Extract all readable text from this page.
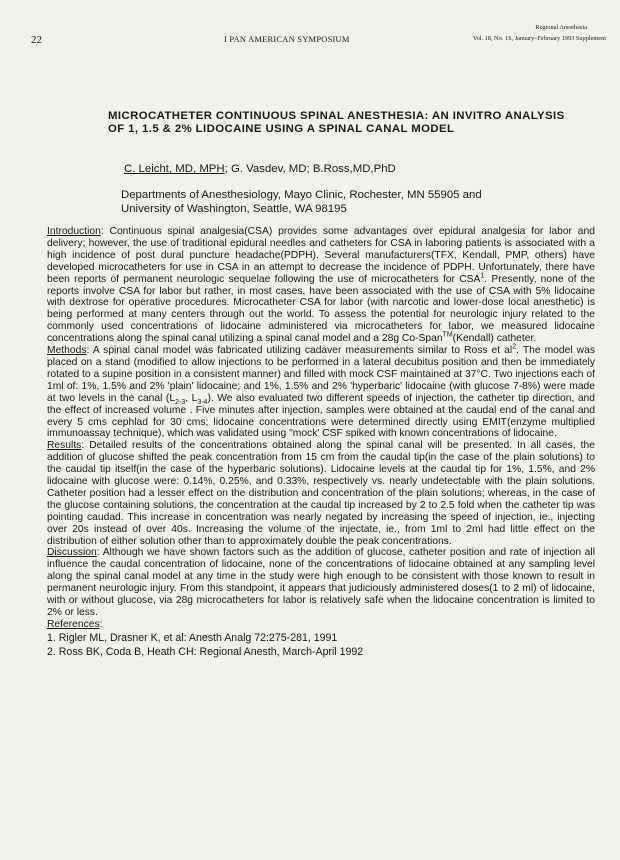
22	I PAN AMERICAN SYMPOSIUM
Regional Anesthesia
Vol. 18, No. 1S, January–February 1993 Supplement
MICROCATHETER CONTINUOUS SPINAL ANESTHESIA: AN INVITRO ANALYSIS OF 1, 1.5 & 2% LIDOCAINE USING A SPINAL CANAL MODEL
C. Leicht, MD, MPH; G. Vasdev, MD; B.Ross,MD,PhD
Departments of Anesthesiology, Mayo Clinic, Rochester, MN 55905 and
University of Washington, Seattle, WA 98195

Introduction: Continuous spinal analgesia(CSA) provides some advantages over epidural analgesia for labor and delivery; however, the use of traditional epidural needles and catheters for CSA in laboring patients is associated with a high incidence of post dural puncture headache(PDPH). Several manufacturers(TFX, Kendall, PMP, others) have developed microcatheters for use in CSA in an attempt to decrease the incidence of PDPH. Unfortunately, there have been reports of permanent neurologic sequelae following the use of microcatheters for CSA$^1$. Presently, none of the reports involve CSA for labor but rather, in most cases, have been associated with the use of CSA with 5% lidocaine with dextrose for operative procedures. Microcatheter CSA for labor (with narcotic and lower-dose local anesthetic) is being performed at many centers through out the world. To assess the potential for neurologic injury related to the commonly used concentrations of lidocaine administered via microcatheters for labor, we measured lidocaine concentrations along the spinal canal utilizing a spinal canal model and a 28g Co-Span™(Kendall) catheter.

Methods: A spinal canal model was fabricated utilizing cadaver measurements similar to Ross et $al^2$. The model was placed on a stand (modified to allow injections to be performed in a lateral decubitus position and then be immediately rotated to a supine position in a consistent manner) and filled with mock CSF maintained at 37°C. Two injections each of 1ml of: 1%, 1.5% and 2% 'plain' lidocaine; and 1%, 1.5% and 2% 'hyperbaric' lidocaine (with glucose 7-8%) were made at two levels in the canal ($L_{2-3}$, $L_{3-4}$). We also evaluated two different speeds of injection, the catheter tip direction, and the effect of increased volume . Five minutes after injection, samples were obtained at the caudal end of the canal and every 5 cms cephlad for 30 cms; lidocaine concentrations were determined directly using EMIT(enzyme multiplied immunoassay technique), which was validated using "mock' CSF spiked with known concentrations of lidocaine.

Results: Detailed results of the concentrations obtained along the spinal canal will be presented. In all cases, the addition of glucose shifted the peak concentration from 15 cm from the caudal tip(in the case of the plain solutions) to the caudal tip itself(in the case of the hyperbaric solutions). Lidocaine levels at the caudal tip for 1%, 1.5%, and 2% lidocaine with glucose were: 0.14%, 0.25%, and 0.33%, respectively vs. nearly undetectable with the plain solutions. Catheter position had a lesser effect on the distribution and concentration of the plain solutions; whereas, in the case of the glucose containing solutions, the concentration at the caudal tip increased by 2 to 2.5 fold when the catheter tip was pointing caudad. This increase in concentration was nearly negated by increasing the speed of injection, ie., injecting over 20s instead of over 40s. Increasing the volume of the injectate, ie., from 1ml to 2ml had little effect on the distribution of either solution other than to approximately double the peak concentrations.

Discussion: Although we have shown factors such as the addition of glucose, catheter position and rate of injection all influence the caudal concentration of lidocaine, none of the concentrations of lidocaine obtained at any sampling level along the spinal canal model at any time in the study were high enough to be consistent with those known to result in permanent neurologic injury. From this standpoint, it appears that judiciously administered doses(1 to 2 ml) of lidocaine, with or without glucose, via 28g microcatheters for labor is relatively safe when the lidocaine concentration is limited to 2% or less.

References:

1. Rigler ML, Drasner K, et al: Anesth Analg 72:275-281, 1991
2. Ross BK, Coda B, Heath CH: Regional Anesth, March-April 1992
